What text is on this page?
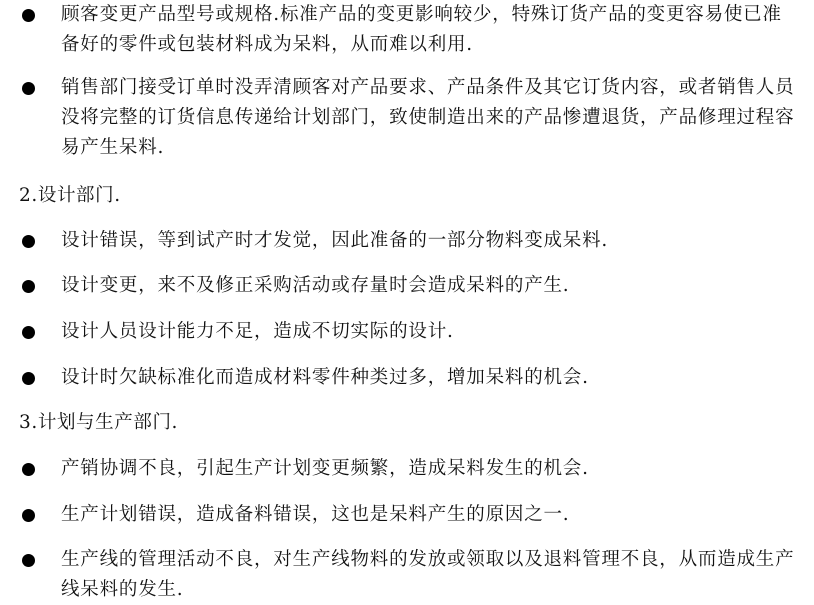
顾客变更产品型号或规格.标准产品的变更影响较少，特殊订货产品的变更容易使已准备好的零件或包装材料成为呆料，从而难以利用.
销售部门接受订单时没弄清顾客对产品要求、产品条件及其它订货内容，或者销售人员没将完整的订货信息传递给计划部门，致使制造出来的产品惨遭退货，产品修理过程容易产生呆料.
2.设计部门.
设计错误，等到试产时才发觉，因此准备的一部分物料变成呆料.
设计变更，来不及修正采购活动或存量时会造成呆料的产生.
设计人员设计能力不足，造成不切实际的设计.
设计时欠缺标准化而造成材料零件种类过多，增加呆料的机会.
3.计划与生产部门.
产销协调不良，引起生产计划变更频繁，造成呆料发生的机会.
生产计划错误，造成备料错误，这也是呆料产生的原因之一.
生产线的管理活动不良，对生产线物料的发放或领取以及退料管理不良，从而造成生产线呆料的发生.
